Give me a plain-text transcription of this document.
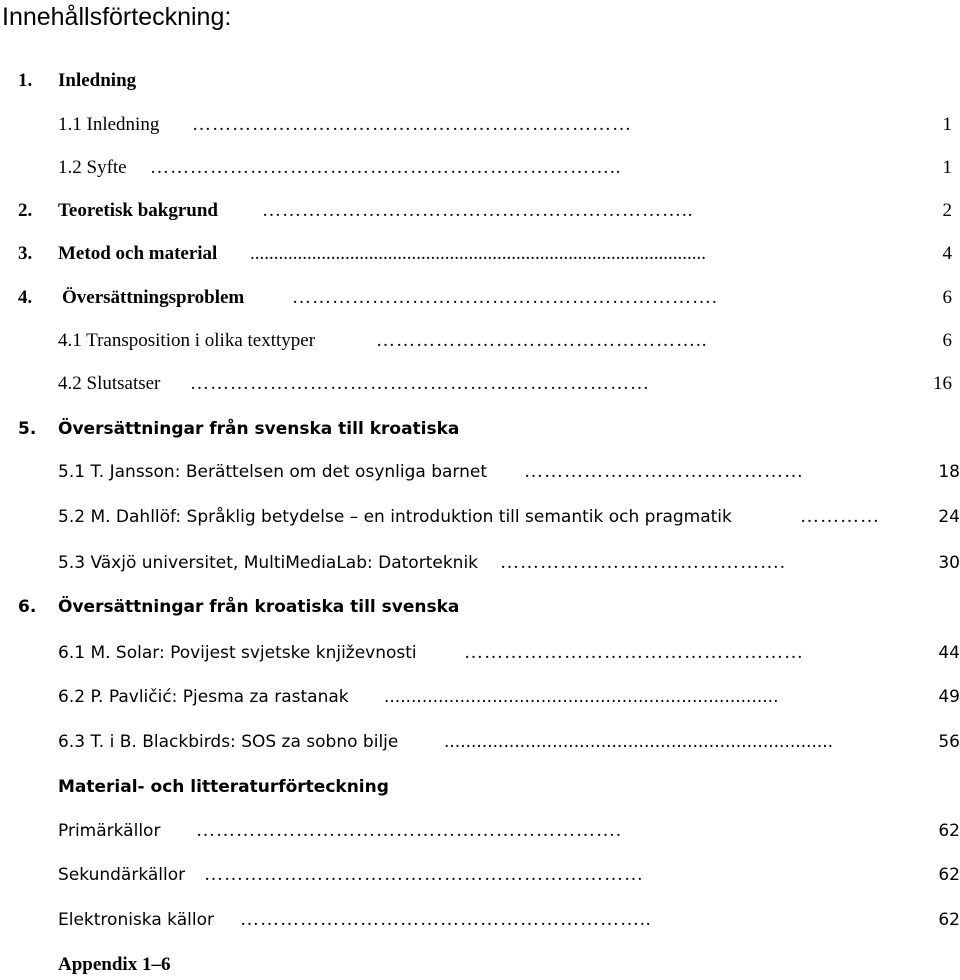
Innehållsförteckning:
1. Inledning
1.1 Inledning …………………………………………………………	1
1.2 Syfte ……………………………………………………………..	1
2. Teoretisk bakgrund ………………………………………………………..	2
3. Metod och material ................................................................................................	4
4. Översättningsproblem	……………………………………………………….	6
4.1 Transposition i olika texttyper	…………………………………………..	6
4.2 Slutsatser ……………………………………………………………	16
5. Översättningar från svenska till kroatiska
5.1 T. Jansson: Berättelsen om det osynliga barnet ……………………………………	18
5.2 M. Dahllöf: Språklig betydelse – en introduktion till semantik och pragmatik	…………	24
5.3 Växjö universitet, MultiMediaLab: Datorteknik …………………………………….	30
6. Översättningar från kroatiska till svenska
6.1 M. Solar: Povijest svjetske književnosti ……………………………………………	44
6.2 P. Pavličić: Pjesma za rastanak .........................................................................	49
6.3 T. i B. Blackbirds: SOS za sobno bilje	........................................................................	56
Material- och litteraturförteckning
Primärkällor ……………………………………………………….	62
Sekundärkällor …………………………………………………………	62
Elektroniska källor ……………………………………………………..	62
Appendix 1–6
